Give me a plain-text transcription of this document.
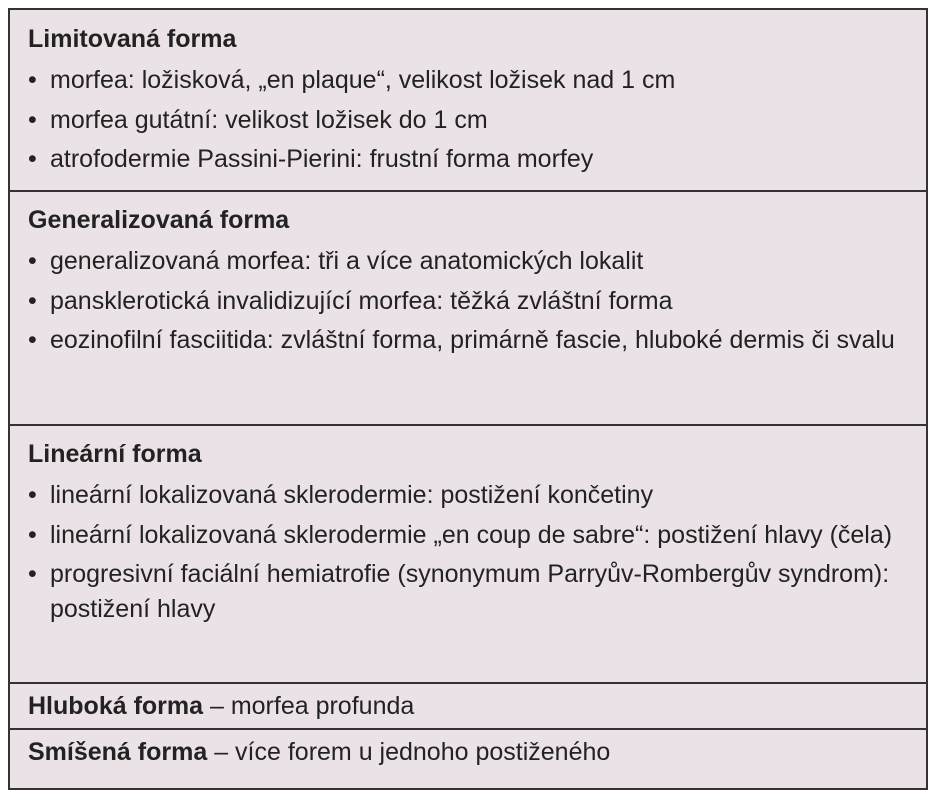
Limitovaná forma
• morfea: ložisková, „en plaque“, velikost ložisek nad 1 cm
• morfea gutátní: velikost ložisek do 1 cm
• atrofodermie Passini-Pierini: frustní forma morfey
Generalizovaná forma
• generalizovaná morfea: tři a více anatomických lokalit
• pansklerotická invalidizující morfea: těžká zvláštní forma
• eozinofilní fasciitida: zvláštní forma, primárně fascie, hluboké dermis či svalu
Lineární forma
• lineární lokalizovaná sklerodermie: postižení končetiny
• lineární lokalizovaná sklerodermie „en coup de sabre“: postižení hlavy (čela)
• progresivní faciální hemiatrofie (synonymum Parryův-Rombergův syndrom): postižení hlavy
Hluboká forma – morfea profunda
Smíšená forma – více forem u jednoho postiženého
